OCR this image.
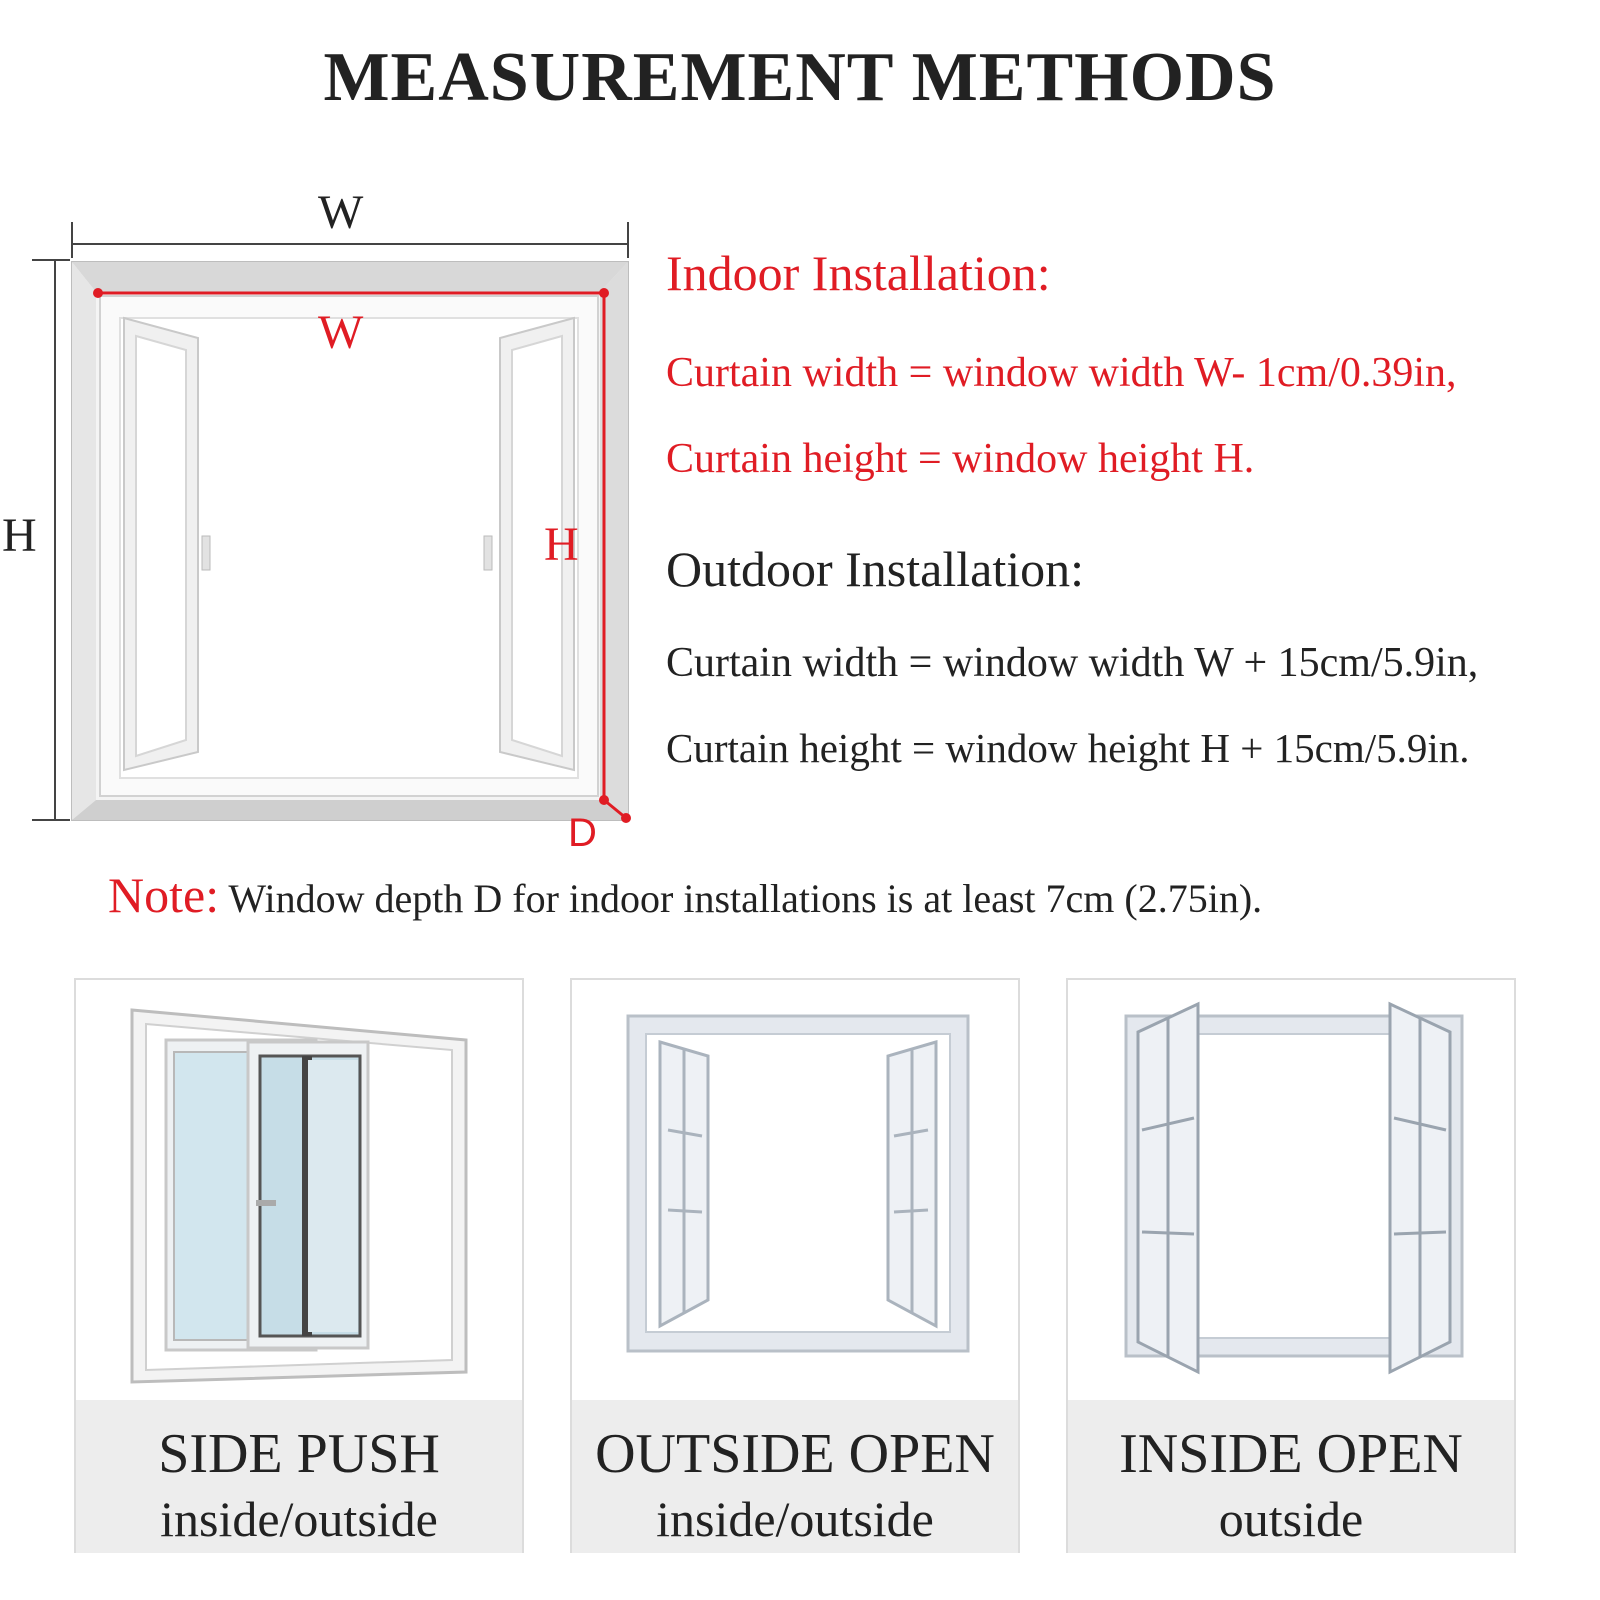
MEASUREMENT METHODS
W
H
W
H
D
Indoor Installation:
Curtain width = window width W- 1cm/0.39in,
Curtain height = window height H.
Outdoor Installation:
Curtain width = window width W + 15cm/5.9in,
Curtain height = window height H + 15cm/5.9in.
Note: Window depth D for indoor installations is at least 7cm (2.75in).
SIDE PUSH
inside/outside
OUTSIDE OPEN
inside/outside
INSIDE OPEN
outside
